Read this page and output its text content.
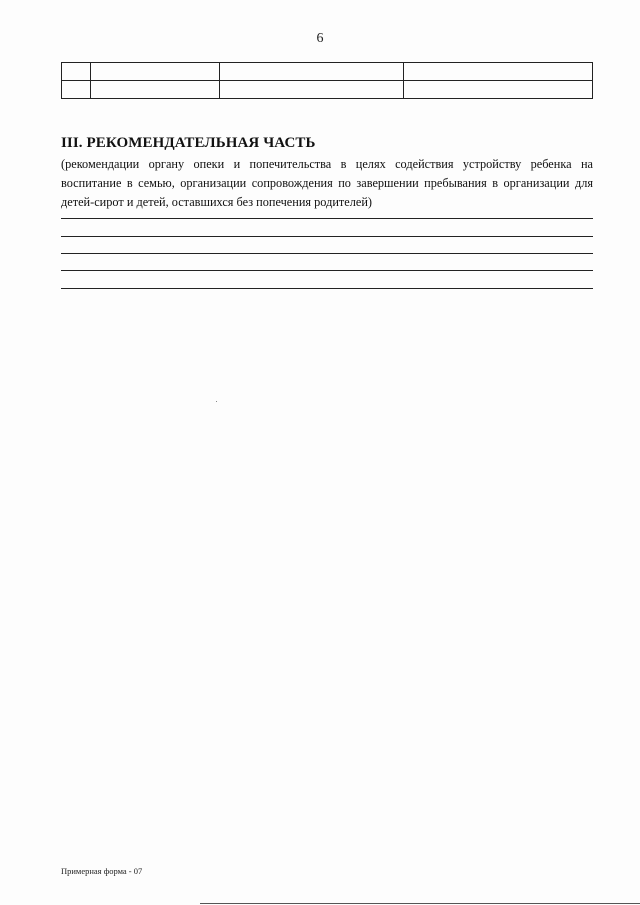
6

III. РЕКОМЕНДАТЕЛЬНАЯ ЧАСТЬ
(рекомендации органу опеки и попечительства в целях содействия устройству ребенка на воспитание в семью, организации сопровождения по завершении пребывания в организации для детей-сирот и детей, оставшихся без попечения родителей)
Примерная форма - 07
